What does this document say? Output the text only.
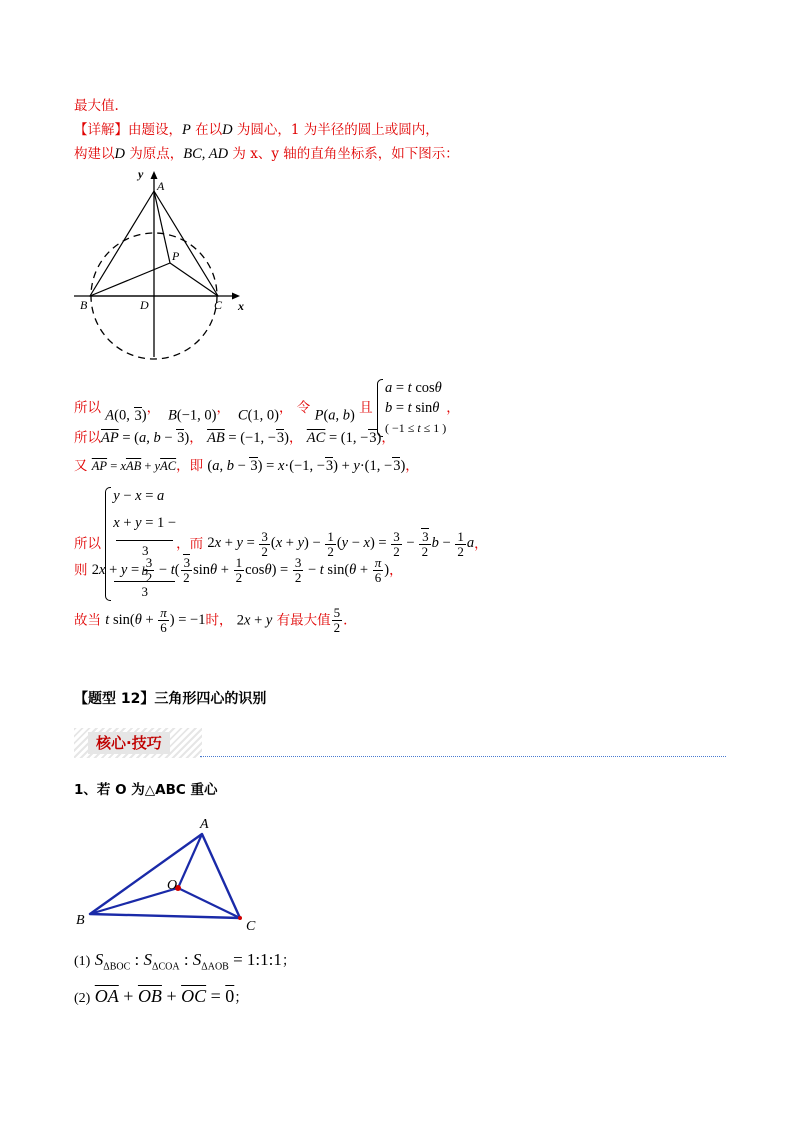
最大值.
【详解】由题设，P 在以D 为圆心，1 为半径的圆上或圆内，
构建以D 为原点，BC, AD 为 x、y 轴的直角坐标系，如下图示：
y
A
P
B	D	C x
所以 A(0, 3)， B(−1, 0)， C(1, 0)， 令 P(a, b) 且
a = t cosθ
b = t sinθ
( −1 ≤ t ≤ 1 )
，
所以$\overline{AP} = (a$, b − 3)， $\overline{AB} = (-1$, −3)， $\overline{AC} = (1$, −3)，
又 $\overline{AP} = x\overline{AB} + y\overline{AC}$，即 (a, b − 3) = x·(−1, −3) + y·(1, −3)，
所以
y − x = a
x + y = 1 −
3
b
3
，而 $2x + y = \frac{3}{2} (x + y) - \frac{1}{2} (y - x) = \frac{3}{2} - \frac{3}{2}$ $b - \frac{1}{2}$ a，
则 $2x + y = \frac{3}{2} - t( \frac{3}{2}$ $\sin\theta + \frac{1}{2} \cos\theta) = \frac{3}{2} - t$ $\sin(\theta + \frac{\pi}{6}$ )，
故当 t $\sin(\theta + \frac{\pi}{6}$ ) = −1时， 2x + y 有最大值 $\frac{5}{2}$ .
【题型 12】三角形四心的识别
核心·技巧
1、若 O 为△ABC 重心
A
O
B	C
(1) $S_{\Delta BOC}$ : $S_{\Delta COA}$ : $S_{\Delta AOB}$ = 1:1:1；
(2) $\overline{OA} + \overline{OB} + \overline{OC} = 0$；
